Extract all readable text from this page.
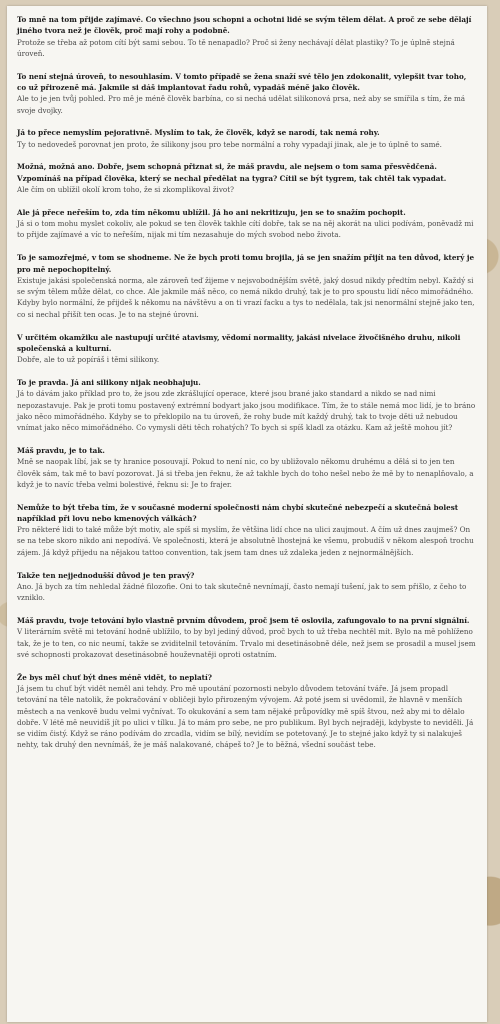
To mně na tom přijde zajímavé. Co všechno jsou schopni a ochotni lidé se svým tělem dělat. A proč ze sebe dělají jiného tvora než je člověk, proč mají rohy a podobně.

Protože se třeba až potom cítí být sami sebou. To tě nenapadlo? Proč si ženy nechávají dělat plastiky? To je úplně stejná úroveň.

To není stejná úroveň, to nesouhlasím. V tomto případě se žena snaží své tělo jen zdokonalit, vylepšit tvar toho, co už přirozeně má. Jakmile si dáš implantovat řadu rohů, vypadáš méně jako člověk.

Ale to je jen tvůj pohled. Pro mě je méně člověk barbína, co si nechá udělat silikonová prsa, než aby se smířila s tím, že má svoje dvojky.

Já to přece nemyslím pejorativně. Myslím to tak, že člověk, když se narodí, tak nemá rohy.

Ty to nedovedeš porovnat jen proto, že silikony jsou pro tebe normální a rohy vypadají jinak, ale je to úplně to samé.

Možná, možná ano. Dobře, jsem schopná přiznat si, že máš pravdu, ale nejsem o tom sama přesvědčená. Vzpomínáš na případ člověka, který se nechal předělat na tygra? Cítil se být tygrem, tak chtěl tak vypadat.

Ale čím on ublížil okolí krom toho, že si zkomplikoval život?

Ale já přece neřeším to, zda tím někomu ublížil. Já ho ani nekritizuju, jen se to snažím pochopit.

Já si o tom mohu myslet cokoliv, ale pokud se ten člověk takhle cítí dobře, tak se na něj akorát na ulici podívám, poněvadž mi to přijde zajímavé a víc to neřeším, nijak mi tím nezasahuje do mých svobod nebo života.

To je samozřejmé, v tom se shodneme. Ne že bych proti tomu brojila, já se jen snažím přijít na ten důvod, který je pro mě nepochopitelný.

Existuje jakási společenská norma, ale zároveň teď žijeme v nejsvobodnějším světě, jaký dosud nikdy předtím nebyl. Každý si se svým tělem může dělat, co chce. Ale jakmile máš něco, co nemá nikdo druhý, tak je to pro spoustu lidí něco mimořádného. Kdyby bylo normální, že přijdeš k někomu na návštěvu a on ti vrazí facku a tys to nedělala, tak jsi nenormální stejně jako ten, co si nechal přišít ten ocas. Je to na stejné úrovni.

V určitém okamžiku ale nastupují určité atavismy, vědomí normality, jakási nivelace živočišného druhu, nikoli společenská a kulturní.

Dobře, ale to už popíráš i těmi silikony.

To je pravda. Já ani silikony nijak neobhajuju.

Já to dávám jako příklad pro to, že jsou zde zkrášlující operace, které jsou brané jako standard a nikdo se nad nimi nepozastavuje. Pak je proti tomu postavený extrémní bodyart jako jsou modifikace. Tím, že to stále nemá moc lidí, je to bráno jako něco mimořádného. Kdyby se to překlopilo na tu úroveň, že rohy bude mít každý druhý, tak to tvoje děti už nebudou vnímat jako něco mimořádného. Co vymysli děti těch rohatých? To bych si spíš kladl za otázku. Kam až ještě mohou jít?

Máš pravdu, je to tak.

Mně se naopak líbí, jak se ty hranice posouvají. Pokud to není nic, co by ubližovalo někomu druhému a dělá si to jen ten člověk sám, tak mě to baví pozorovat. Já si třeba jen řeknu, že až takhle bych do toho nešel nebo že mě by to nenaplňovalo, a když je to navíc třeba velmi bolestivé, řeknu si: Je to frajer.

Nemůže to být třeba tím, že v současné moderní společnosti nám chybí skutečné nebezpečí a skutečná bolest například při lovu nebo kmenových válkách?

Pro některé lidi to také může být motiv, ale spíš si myslím, že většina lidí chce na ulici zaujmout. A čím už dnes zaujmeš? On se na tebe skoro nikdo ani nepodívá. Ve společnosti, která je absolutně lhostejná ke všemu, probudíš v někom alespoň trochu zájem. Já když přijedu na nějakou tattoo convention, tak jsem tam dnes už zdaleka jeden z nejnormálnějších.

Takže ten nejjednodušší důvod je ten pravý?

Ano. Já bych za tím nehledal žádné filozofie. Oni to tak skutečně nevnímají, často nemají tušení, jak to sem přišlo, z čeho to vzniklo.

Máš pravdu, tvoje tetování bylo vlastně prvním důvodem, proč jsem tě oslovila, zafungovalo to na první signální.

V literárním světě mi tetování hodně ublížilo, to by byl jediný důvod, proč bych to už třeba nechtěl mít. Bylo na mě pohlíženo tak, že je to ten, co nic neumí, takže se zviditelnil tetováním. Trvalo mi desetinásobně déle, než jsem se prosadil a musel jsem své schopnosti prokazovat desetinásobně houževnatěji oproti ostatním.

Že bys měl chuť být dnes méně vidět, to neplatí?

Já jsem tu chuť být vidět neměl ani tehdy. Pro mě upoutání pozornosti nebylo důvodem tetování tváře. Já jsem propadl tetování na těle natolik, že pokračování v obličeji bylo přirozeným vývojem. Až poté jsem si uvědomil, že hlavně v menších městech a na venkově budu velmi vyčnívat. To okukování a sem tam nějaké průpovídky mě spíš štvou, než aby mi to dělalo dobře. V létě mě neuvidíš jít po ulici v tílku. Já to mám pro sebe, ne pro publikum. Byl bych nejraději, kdybyste to neviděli. Já se vidím čistý. Když se ráno podívám do zrcadla, vidím se bílý, nevidím se potetovaný. Je to stejné jako když ty si nalakuješ nehty, tak druhý den nevnímáš, že je máš nalakované, chápeš to? Je to běžná, všední součást tebe.
